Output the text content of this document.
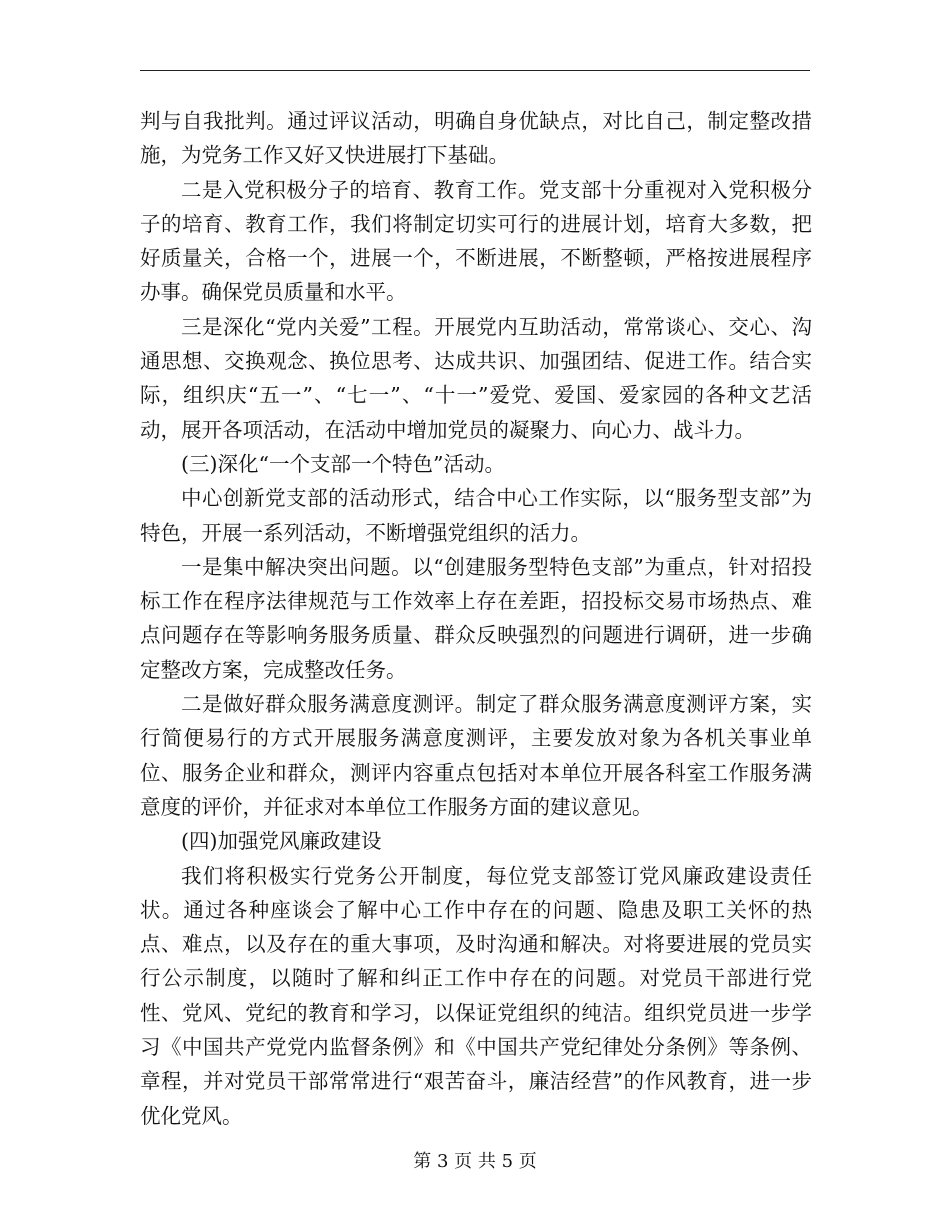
判与自我批判。通过评议活动，明确自身优缺点，对比自己，制定整改措施，为党务工作又好又快进展打下基础。

二是入党积极分子的培育、教育工作。党支部十分重视对入党积极分子的培育、教育工作，我们将制定切实可行的进展计划，培育大多数，把好质量关，合格一个，进展一个，不断进展，不断整顿，严格按进展程序办事。确保党员质量和水平。

三是深化“党内关爱”工程。开展党内互助活动，常常谈心、交心、沟通思想、交换观念、换位思考、达成共识、加强团结、促进工作。结合实际，组织庆“五一”、“七一”、“十一”爱党、爱国、爱家园的各种文艺活动，展开各项活动，在活动中增加党员的凝聚力、向心力、战斗力。

(三)深化“一个支部一个特色”活动。

中心创新党支部的活动形式，结合中心工作实际，以“服务型支部”为特色，开展一系列活动，不断增强党组织的活力。

一是集中解决突出问题。以“创建服务型特色支部”为重点，针对招投标工作在程序法律规范与工作效率上存在差距，招投标交易市场热点、难点问题存在等影响务服务质量、群众反映强烈的问题进行调研，进一步确定整改方案，完成整改任务。

二是做好群众服务满意度测评。制定了群众服务满意度测评方案，实行简便易行的方式开展服务满意度测评，主要发放对象为各机关事业单位、服务企业和群众，测评内容重点包括对本单位开展各科室工作服务满意度的评价，并征求对本单位工作服务方面的建议意见。

(四)加强党风廉政建设

我们将积极实行党务公开制度，每位党支部签订党风廉政建设责任状。通过各种座谈会了解中心工作中存在的问题、隐患及职工关怀的热点、难点，以及存在的重大事项，及时沟通和解决。对将要进展的党员实行公示制度，以随时了解和纠正工作中存在的问题。对党员干部进行党性、党风、党纪的教育和学习，以保证党组织的纯洁。组织党员进一步学习《中国共产党党内监督条例》和《中国共产党纪律处分条例》等条例、章程，并对党员干部常常进行“艰苦奋斗，廉洁经营”的作风教育，进一步优化党风。

第 3 页 共 5 页
